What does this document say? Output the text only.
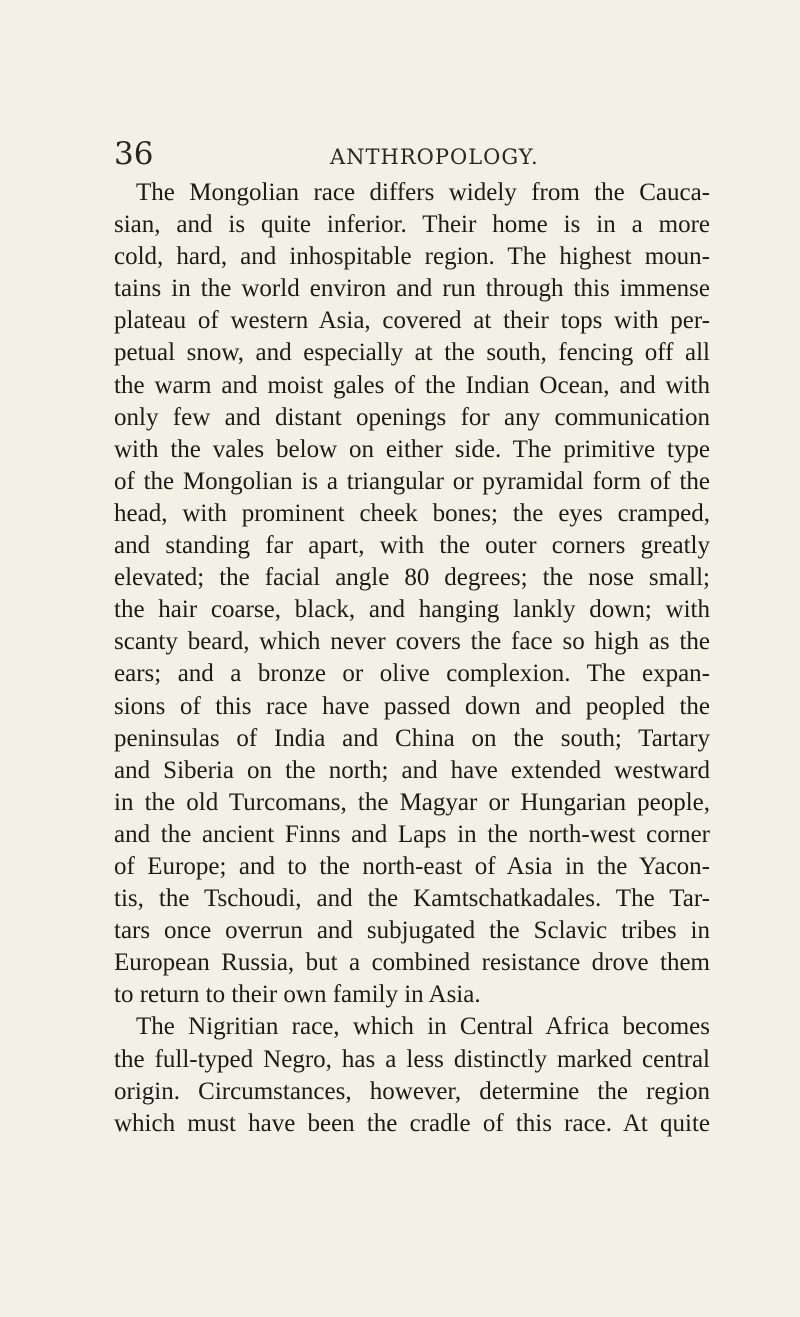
36	ANTHROPOLOGY.
The Mongolian race differs widely from the Cauca-
sian, and is quite inferior. Their home is in a more
cold, hard, and inhospitable region. The highest moun-
tains in the world environ and run through this immense
plateau of western Asia, covered at their tops with per-
petual snow, and especially at the south, fencing off all
the warm and moist gales of the Indian Ocean, and with
only few and distant openings for any communication
with the vales below on either side. The primitive type
of the Mongolian is a triangular or pyramidal form of the
head, with prominent cheek bones; the eyes cramped,
and standing far apart, with the outer corners greatly
elevated; the facial angle 80 degrees; the nose small;
the hair coarse, black, and hanging lankly down; with
scanty beard, which never covers the face so high as the
ears; and a bronze or olive complexion. The expan-
sions of this race have passed down and peopled the
peninsulas of India and China on the south; Tartary
and Siberia on the north; and have extended westward
in the old Turcomans, the Magyar or Hungarian people,
and the ancient Finns and Laps in the north-west corner
of Europe; and to the north-east of Asia in the Yacon-
tis, the Tschoudi, and the Kamtschatkadales. The Tar-
tars once overrun and subjugated the Sclavic tribes in
European Russia, but a combined resistance drove them
to return to their own family in Asia.
The Nigritian race, which in Central Africa becomes
the full-typed Negro, has a less distinctly marked central
origin. Circumstances, however, determine the region
which must have been the cradle of this race. At quite
